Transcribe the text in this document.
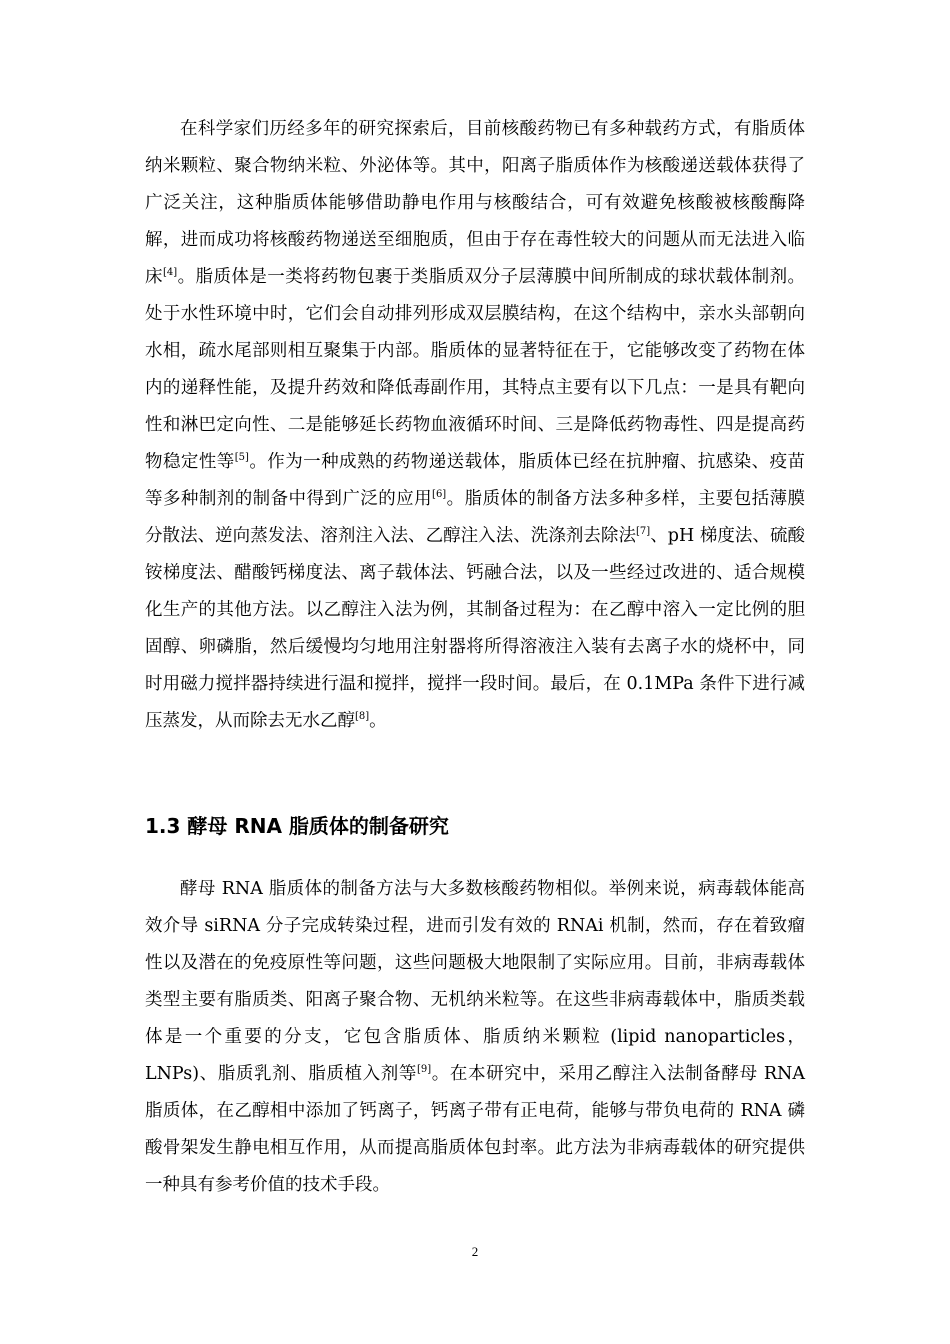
在科学家们历经多年的研究探索后，目前核酸药物已有多种载药方式，有脂质体纳米颗粒、聚合物纳米粒、外泌体等。其中，阳离子脂质体作为核酸递送载体获得了广泛关注，这种脂质体能够借助静电作用与核酸结合，可有效避免核酸被核酸酶降解，进而成功将核酸药物递送至细胞质，但由于存在毒性较大的问题从而无法进入临床[4]。脂质体是一类将药物包裹于类脂质双分子层薄膜中间所制成的球状载体制剂。处于水性环境中时，它们会自动排列形成双层膜结构，在这个结构中，亲水头部朝向水相，疏水尾部则相互聚集于内部。脂质体的显著特征在于，它能够改变了药物在体内的递释性能，及提升药效和降低毒副作用，其特点主要有以下几点：一是具有靶向性和淋巴定向性、二是能够延长药物血液循环时间、三是降低药物毒性、四是提高药物稳定性等[5]。作为一种成熟的药物递送载体，脂质体已经在抗肿瘤、抗感染、疫苗等多种制剂的制备中得到广泛的应用[6]。脂质体的制备方法多种多样，主要包括薄膜分散法、逆向蒸发法、溶剂注入法、乙醇注入法、洗涤剂去除法[7]、pH 梯度法、硫酸铵梯度法、醋酸钙梯度法、离子载体法、钙融合法，以及一些经过改进的、适合规模化生产的其他方法。以乙醇注入法为例，其制备过程为：在乙醇中溶入一定比例的胆固醇、卵磷脂，然后缓慢均匀地用注射器将所得溶液注入装有去离子水的烧杯中，同时用磁力搅拌器持续进行温和搅拌，搅拌一段时间。最后，在 0.1MPa 条件下进行减压蒸发，从而除去无水乙醇[8]。

1.3 酵母 RNA 脂质体的制备研究

酵母 RNA 脂质体的制备方法与大多数核酸药物相似。举例来说，病毒载体能高效介导 siRNA 分子完成转染过程，进而引发有效的 RNAi 机制，然而，存在着致瘤性以及潜在的免疫原性等问题，这些问题极大地限制了实际应用。目前，非病毒载体类型主要有脂质类、阳离子聚合物、无机纳米粒等。在这些非病毒载体中，脂质类载体是一个重要的分支，它包含脂质体、脂质纳米颗粒 (lipid nanoparticles，LNPs)、脂质乳剂、脂质植入剂等[9]。在本研究中，采用乙醇注入法制备酵母 RNA 脂质体，在乙醇相中添加了钙离子，钙离子带有正电荷，能够与带负电荷的 RNA 磷酸骨架发生静电相互作用，从而提高脂质体包封率。此方法为非病毒载体的研究提供一种具有参考价值的技术手段。

2
